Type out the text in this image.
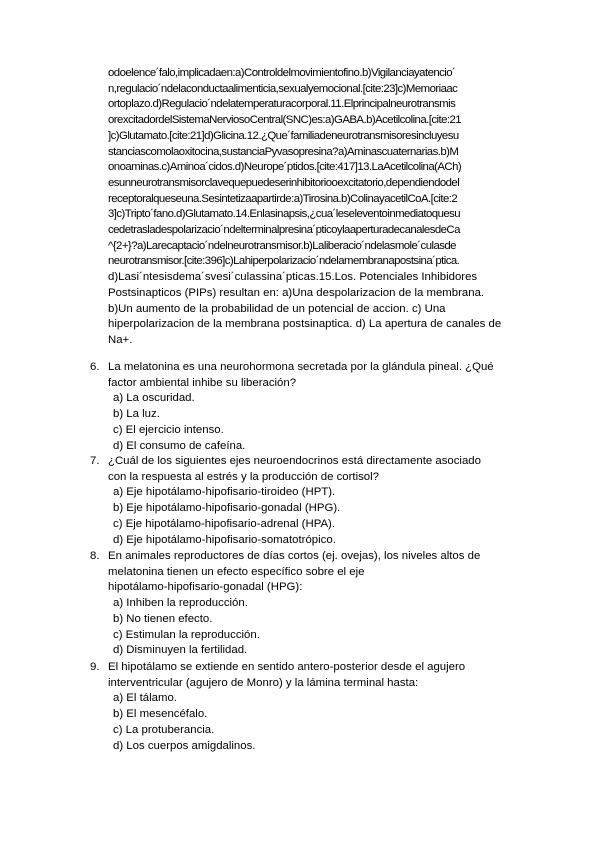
odoelence´falo,implicadaen:a)Controldelmovimientofino.b)Vigilanciayatencio´
n,regulacio´ndelaconductaalimenticia,sexualyemocional.[cite:23]c)Memoriaac
ortoplazo.d)Regulacio´ndelatemperaturacorporal.11.Elprincipalneurotransmis
orexcitadordelSistemaNerviosoCentral(SNC)es:a)GABA.b)Acetilcolina.[cite:21
]c)Glutamato.[cite:21]d)Glicina.12.¿Que´familiadeneurotransmisoresincluyesu
stanciascomolaoxitocina,sustanciaPyvasopresina?a)Aminascuaternarias.b)M
onoaminas.c)Aminoa´cidos.d)Neurope´ptidos.[cite:417]13.LaAcetilcolina(ACh)
esunneurotransmisorclavequepuedeserinhibitoriooexcitatorio,dependiendodel
receptoralqueseuna.Sesintetizaapartirde:a)Tirosina.b)ColinayacetilCoA.[cite:2
3]c)Tripto´fano.d)Glutamato.14.Enlasinapsis,¿cua´leseleventoinmediatoquesu
cedetrasladespolarizacio´ndelterminalpresina´pticoylaaperturadecanalesdeCa
^{2+}?a)Larecaptacio´ndelneurotransmisor.b)Laliberacio´ndelasmole´culasde
neurotransmisor.[cite:396]c)Lahiperpolarizacio´ndelamembranapostsina´ptica.
d)Lasi´ntesisdema´svesi´culassina´pticas.15.Los. Potenciales Inhibidores
Postsinapticos (PIPs) resultan en: a)Una despolarizacion de la membrana.
b)Un aumento de la probabilidad de un potencial de accion. c) Una
hiperpolarizacion de la membrana postsinaptica. d) La apertura de canales de
Na+.
6. La melatonina es una neurohormona secretada por la glándula pineal. ¿Qué
factor ambiental inhibe su liberación?
a) La oscuridad.
b) La luz.
c) El ejercicio intenso.
d) El consumo de cafeína.
7. ¿Cuál de los siguientes ejes neuroendocrinos está directamente asociado
con la respuesta al estrés y la producción de cortisol?
a) Eje hipotálamo-hipofisario-tiroideo (HPT).
b) Eje hipotálamo-hipofisario-gonadal (HPG).
c) Eje hipotálamo-hipofisario-adrenal (HPA).
d) Eje hipotálamo-hipofisario-somatotrópico.
8. En animales reproductores de días cortos (ej. ovejas), los niveles altos de
melatonina tienen un efecto específico sobre el eje
hipotálamo-hipofisario-gonadal (HPG):
a) Inhiben la reproducción.
b) No tienen efecto.
c) Estimulan la reproducción.
d) Disminuyen la fertilidad.
9. El hipotálamo se extiende en sentido antero-posterior desde el agujero
interventricular (agujero de Monro) y la lámina terminal hasta:
a) El tálamo.
b) El mesencéfalo.
c) La protuberancia.
d) Los cuerpos amigdalinos.
